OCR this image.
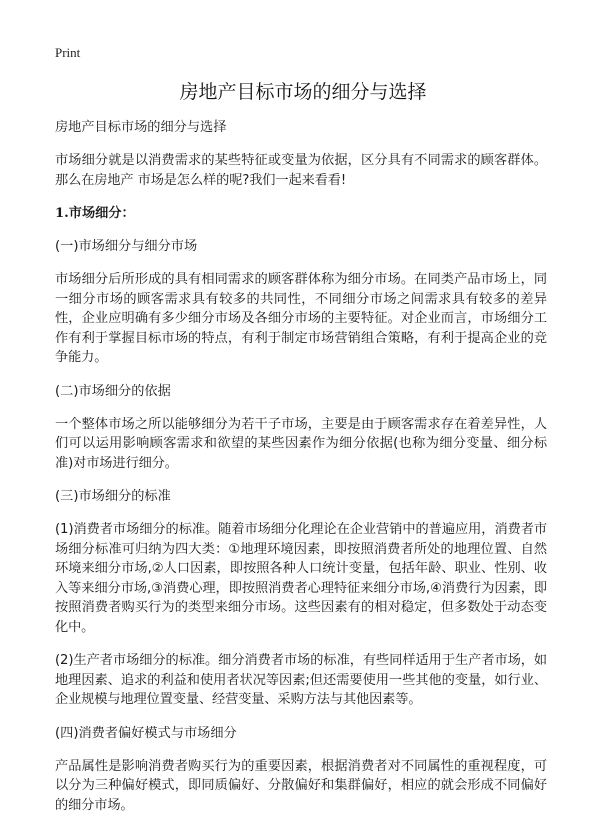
Print
房地产目标市场的细分与选择
房地产目标市场的细分与选择

市场细分就是以消费需求的某些特征或变量为依据，区分具有不同需求的顾客群体。那么在房地产 市场是怎么样的呢?我们一起来看看!

1.市场细分：
(一)市场细分与细分市场

市场细分后所形成的具有相同需求的顾客群体称为细分市场。在同类产品市场上，同一细分市场的顾客需求具有较多的共同性，不同细分市场之间需求具有较多的差异性，企业应明确有多少细分市场及各细分市场的主要特征。对企业而言，市场细分工作有利于掌握目标市场的特点，有利于制定市场营销组合策略，有利于提高企业的竞争能力。

(二)市场细分的依据

一个整体市场之所以能够细分为若干子市场，主要是由于顾客需求存在着差异性，人们可以运用影响顾客需求和欲望的某些因素作为细分依据(也称为细分变量、细分标准)对市场进行细分。

(三)市场细分的标准

(1)消费者市场细分的标准。随着市场细分化理论在企业营销中的普遍应用，消费者市场细分标准可归纳为四大类：①地理环境因素，即按照消费者所处的地理位置、自然环境来细分市场,②人口因素，即按照各种人口统计变量，包括年龄、职业、性别、收入等来细分市场,③消费心理，即按照消费者心理特征来细分市场,④消费行为因素，即按照消费者购买行为的类型来细分市场。这些因素有的相对稳定，但多数处于动态变化中。

(2)生产者市场细分的标准。细分消费者市场的标准，有些同样适用于生产者市场，如地理因素、追求的利益和使用者状况等因素;但还需要使用一些其他的变量，如行业、企业规模与地理位置变量、经营变量、采购方法与其他因素等。

(四)消费者偏好模式与市场细分

产品属性是影响消费者购买行为的重要因素，根据消费者对不同属性的重视程度，可以分为三种偏好模式，即同质偏好、分散偏好和集群偏好，相应的就会形成不同偏好的细分市场。
